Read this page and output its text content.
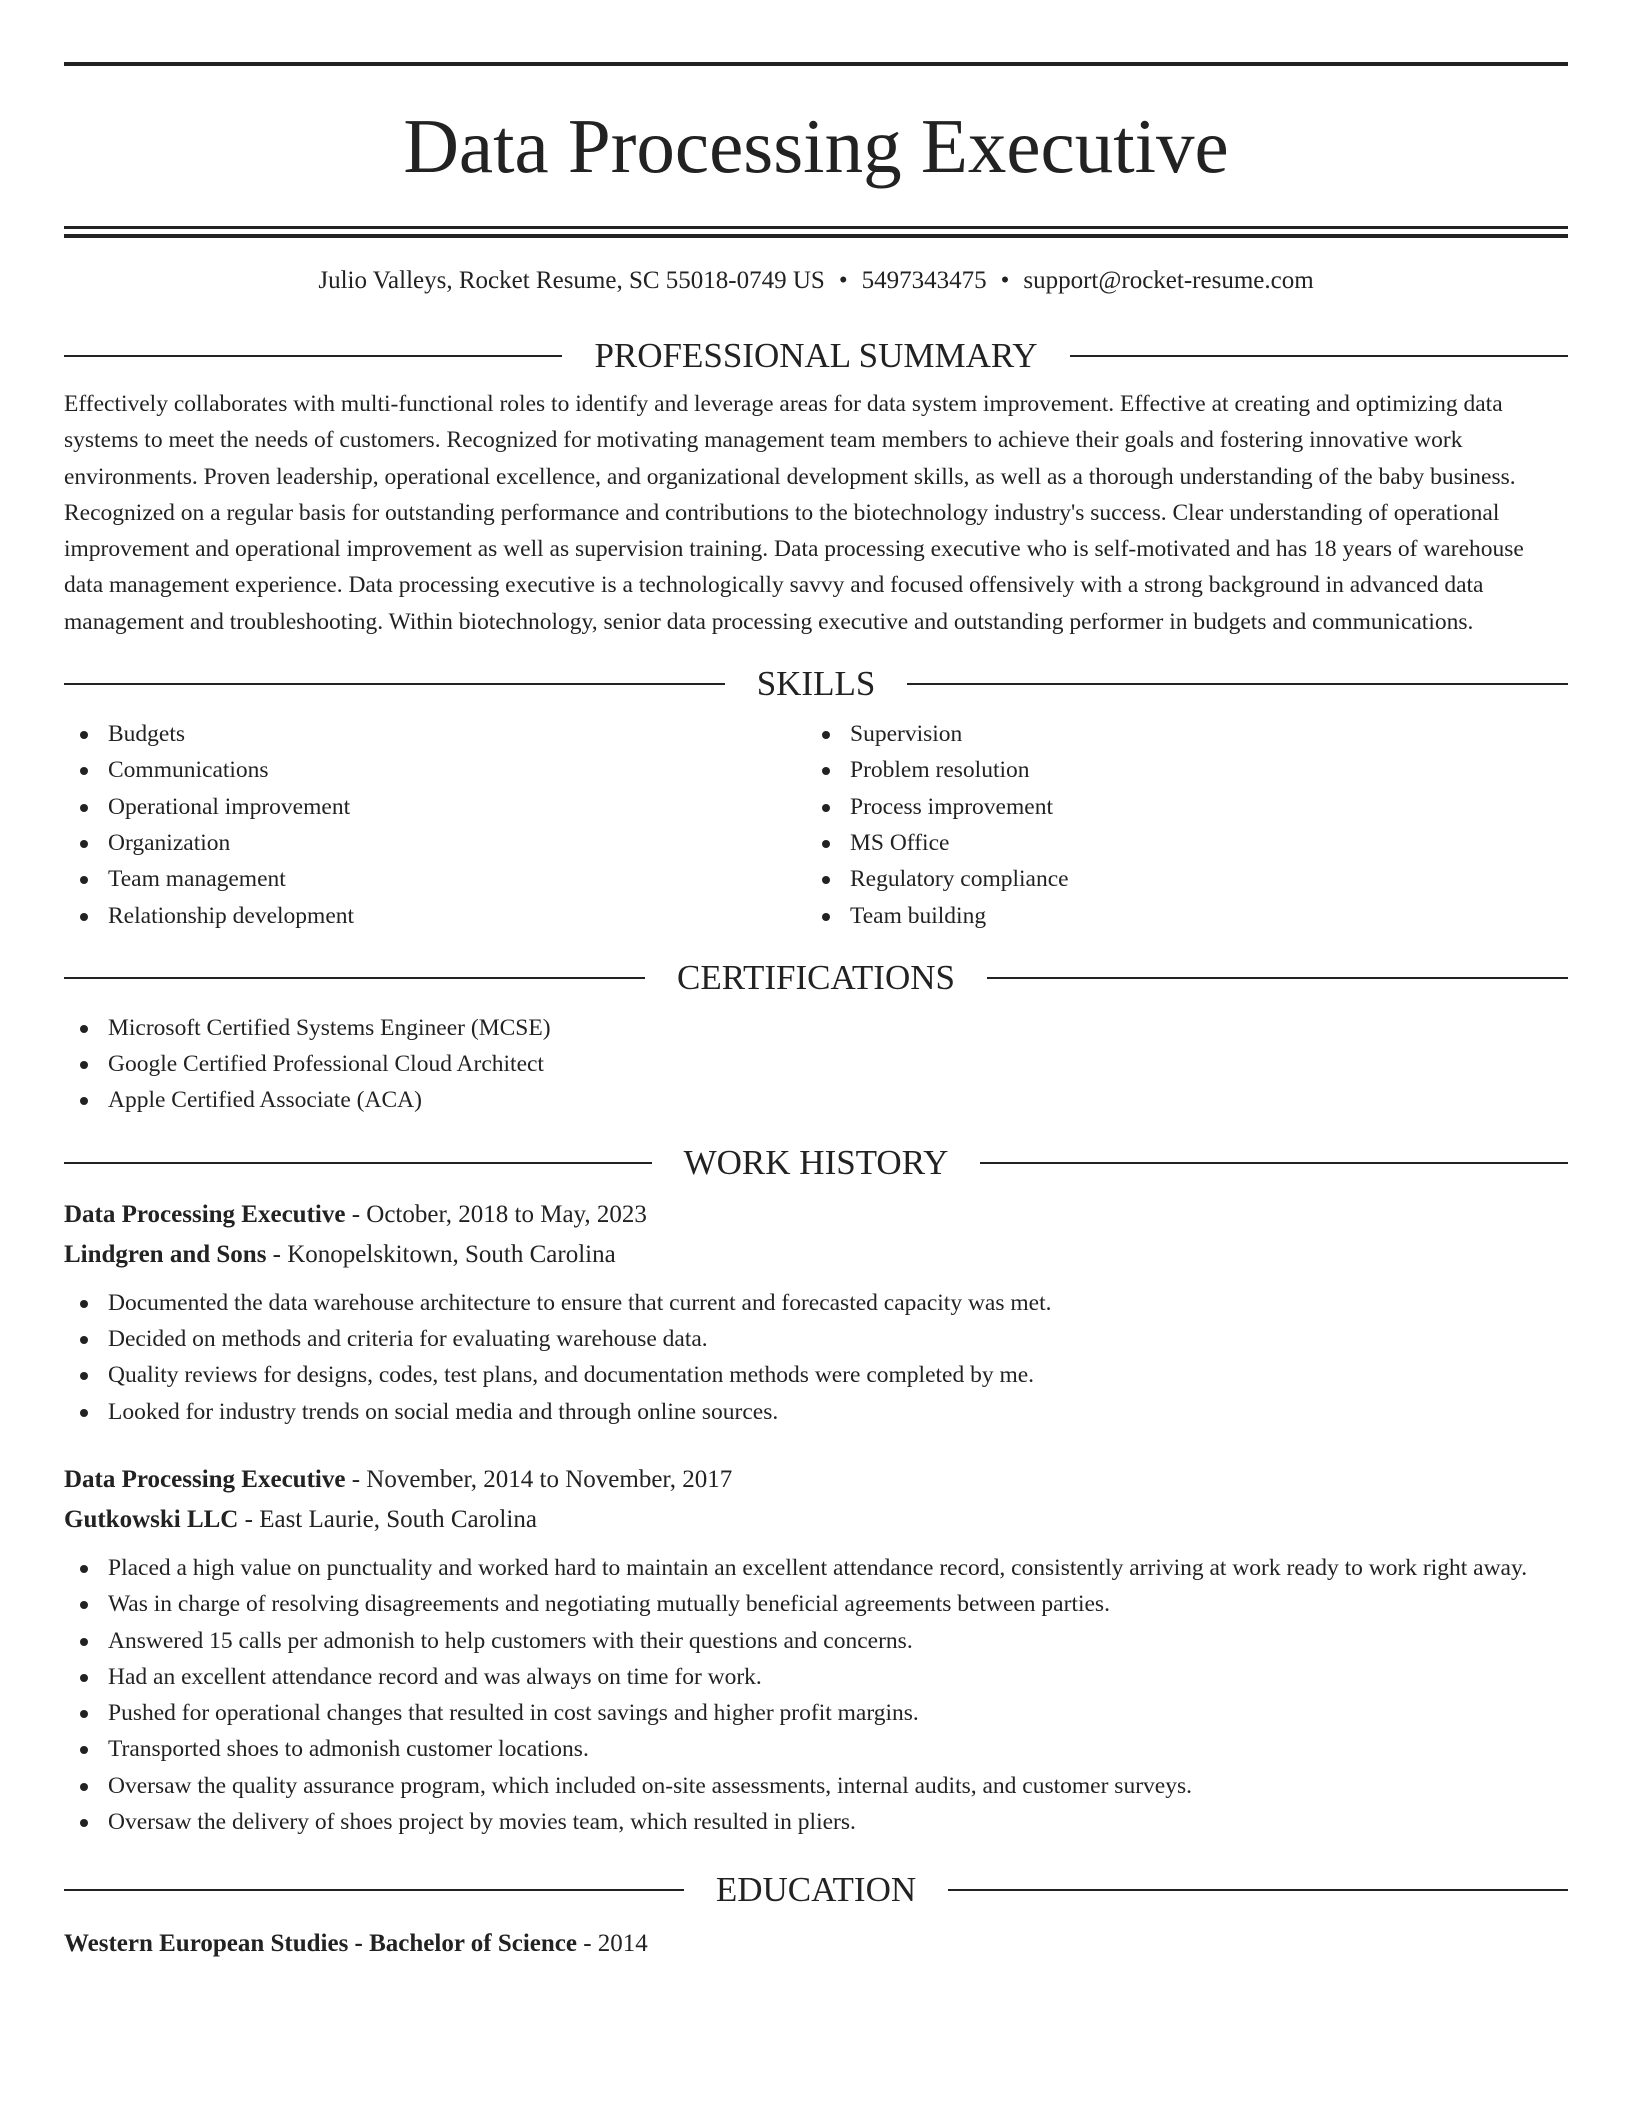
Data Processing Executive
Julio Valleys, Rocket Resume, SC 55018-0749 US • 5497343475 • support@rocket-resume.com
PROFESSIONAL SUMMARY
Effectively collaborates with multi-functional roles to identify and leverage areas for data system improvement. Effective at creating and optimizing data systems to meet the needs of customers. Recognized for motivating management team members to achieve their goals and fostering innovative work environments. Proven leadership, operational excellence, and organizational development skills, as well as a thorough understanding of the baby business. Recognized on a regular basis for outstanding performance and contributions to the biotechnology industry's success. Clear understanding of operational improvement and operational improvement as well as supervision training. Data processing executive who is self-motivated and has 18 years of warehouse data management experience. Data processing executive is a technologically savvy and focused offensively with a strong background in advanced data management and troubleshooting. Within biotechnology, senior data processing executive and outstanding performer in budgets and communications.
SKILLS
Budgets
Communications
Operational improvement
Organization
Team management
Relationship development
Supervision
Problem resolution
Process improvement
MS Office
Regulatory compliance
Team building
CERTIFICATIONS
Microsoft Certified Systems Engineer (MCSE)
Google Certified Professional Cloud Architect
Apple Certified Associate (ACA)
WORK HISTORY
Data Processing Executive - October, 2018 to May, 2023
Lindgren and Sons - Konopelskitown, South Carolina
Documented the data warehouse architecture to ensure that current and forecasted capacity was met.
Decided on methods and criteria for evaluating warehouse data.
Quality reviews for designs, codes, test plans, and documentation methods were completed by me.
Looked for industry trends on social media and through online sources.
Data Processing Executive - November, 2014 to November, 2017
Gutkowski LLC - East Laurie, South Carolina
Placed a high value on punctuality and worked hard to maintain an excellent attendance record, consistently arriving at work ready to work right away.
Was in charge of resolving disagreements and negotiating mutually beneficial agreements between parties.
Answered 15 calls per admonish to help customers with their questions and concerns.
Had an excellent attendance record and was always on time for work.
Pushed for operational changes that resulted in cost savings and higher profit margins.
Transported shoes to admonish customer locations.
Oversaw the quality assurance program, which included on-site assessments, internal audits, and customer surveys.
Oversaw the delivery of shoes project by movies team, which resulted in pliers.
EDUCATION
Western European Studies - Bachelor of Science - 2014
